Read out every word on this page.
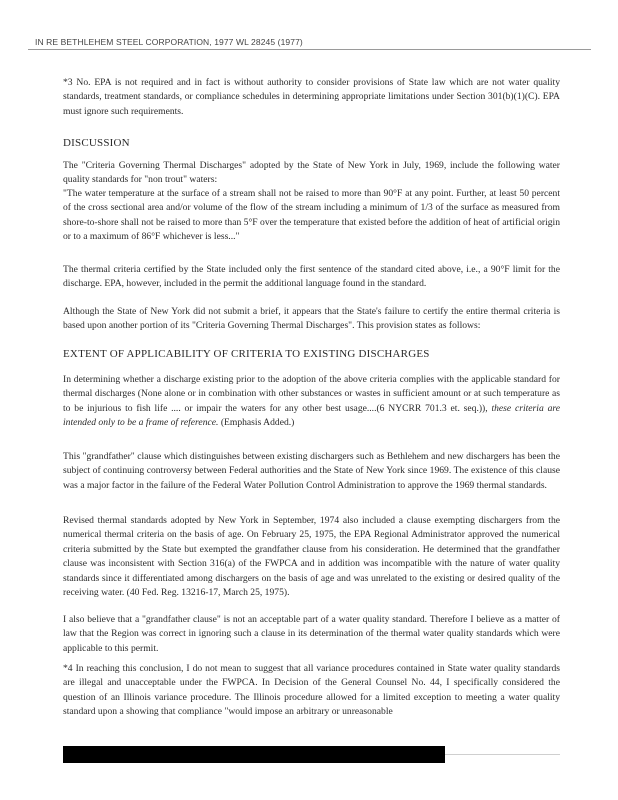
IN RE BETHLEHEM STEEL CORPORATION, 1977 WL 28245 (1977)

*3 No. EPA is not required and in fact is without authority to consider provisions of State law which are not water quality standards, treatment standards, or compliance schedules in determining appropriate limitations under Section 301(b)(1)(C). EPA must ignore such requirements.

DISCUSSION

The "Criteria Governing Thermal Discharges" adopted by the State of New York in July, 1969, include the following water quality standards for "non trout" waters:

"The water temperature at the surface of a stream shall not be raised to more than 90°F at any point. Further, at least 50 percent of the cross sectional area and/or volume of the flow of the stream including a minimum of 1/3 of the surface as measured from shore-to-shore shall not be raised to more than 5°F over the temperature that existed before the addition of heat of artificial origin or to a maximum of 86°F whichever is less..."

The thermal criteria certified by the State included only the first sentence of the standard cited above, i.e., a 90°F limit for the discharge. EPA, however, included in the permit the additional language found in the standard.

Although the State of New York did not submit a brief, it appears that the State's failure to certify the entire thermal criteria is based upon another portion of its "Criteria Governing Thermal Discharges". This provision states as follows:

EXTENT OF APPLICABILITY OF CRITERIA TO EXISTING DISCHARGES

In determining whether a discharge existing prior to the adoption of the above criteria complies with the applicable standard for thermal discharges (None alone or in combination with other substances or wastes in sufficient amount or at such temperature as to be injurious to fish life .... or impair the waters for any other best usage....(6 NYCRR 701.3 et. seq.)), these criteria are intended only to be a frame of reference. (Emphasis Added.)

This "grandfather" clause which distinguishes between existing dischargers such as Bethlehem and new dischargers has been the subject of continuing controversy between Federal authorities and the State of New York since 1969. The existence of this clause was a major factor in the failure of the Federal Water Pollution Control Administration to approve the 1969 thermal standards.

Revised thermal standards adopted by New York in September, 1974 also included a clause exempting dischargers from the numerical thermal criteria on the basis of age. On February 25, 1975, the EPA Regional Administrator approved the numerical criteria submitted by the State but exempted the grandfather clause from his consideration. He determined that the grandfather clause was inconsistent with Section 316(a) of the FWPCA and in addition was incompatible with the nature of water quality standards since it differentiated among dischargers on the basis of age and was unrelated to the existing or desired quality of the receiving water. (40 Fed. Reg. 13216-17, March 25, 1975).

I also believe that a "grandfather clause" is not an acceptable part of a water quality standard. Therefore I believe as a matter of law that the Region was correct in ignoring such a clause in its determination of the thermal water quality standards which were applicable to this permit.

*4 In reaching this conclusion, I do not mean to suggest that all variance procedures contained in State water quality standards are illegal and unacceptable under the FWPCA. In Decision of the General Counsel No. 44, I specifically considered the question of an Illinois variance procedure. The Illinois procedure allowed for a limited exception to meeting a water quality standard upon a showing that compliance "would impose an arbitrary or unreasonable
